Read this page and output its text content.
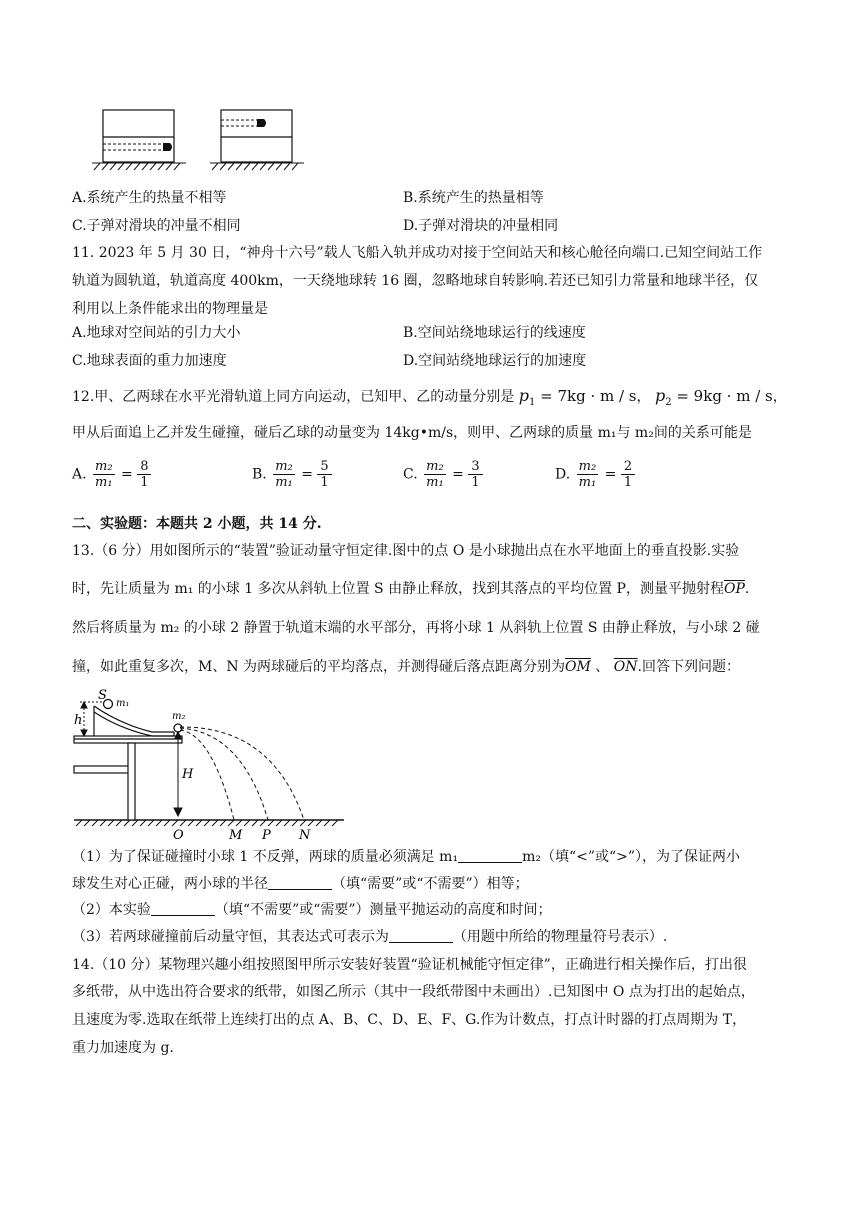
A.系统产生的热量不相等	B.系统产生的热量相等
C.子弹对滑块的冲量不相同	D.子弹对滑块的冲量相同
11. 2023 年 5 月 30 日，“神舟十六号”载人飞船入轨并成功对接于空间站天和核心舱径向端口.已知空间站工作
轨道为圆轨道，轨道高度 400km，一天绕地球转 16 圈，忽略地球自转影响.若还已知引力常量和地球半径，仅
利用以上条件能求出的物理量是
A.地球对空间站的引力大小	B.空间站绕地球运行的线速度
C.地球表面的重力加速度	D.空间站绕地球运行的加速度
12.甲、乙两球在水平光滑轨道上同方向运动，已知甲、乙的动量分别是 $p_1 = 7kg \cdot m / s$， $p_2 = 9kg \cdot m / s$，
甲从后面追上乙并发生碰撞，碰后乙球的动量变为 14kg•m/s，则甲、乙两球的质量 m₁与 m₂间的关系可能是
A. $\frac{\text{m₂}}{\text{m₁}} = \frac{8}{1}$	B. $\frac{\text{m₂}}{\text{m₁}} = \frac{5}{1}$	C. $\frac{\text{m₂}}{\text{m₁}} = \frac{3}{1}$	D. $\frac{\text{m₂}}{\text{m₁}} = \frac{2}{1}$
二、实验题：本题共 2 小题，共 14 分.
13.（6 分）用如图所示的“装置”验证动量守恒定律.图中的点 O 是小球抛出点在水平地面上的垂直投影.实验
时，先让质量为 m₁ 的小球 1 多次从斜轨上位置 S 由静止释放，找到其落点的平均位置 P，测量平抛射程$\overline{OP}$.
然后将质量为 m₂ 的小球 2 静置于轨道末端的水平部分，再将小球 1 从斜轨上位置 S 由静止释放，与小球 2 碰
撞，如此重复多次，M、N 为两球碰后的平均落点，并测得碰后落点距离分别为$\overline{OM}$ 、 $\overline{ON}$.回答下列问题：
S
m₁
m₂
h
H
O	M P N
（1）为了保证碰撞时小球 1 不反弹，两球的质量必须满足 m₁	m₂（填“<”或“>”），为了保证两小
球发生对心正碰，两小球的半径	（填“需要”或“不需要”）相等；
（2）本实验	（填“不需要”或“需要”）测量平抛运动的高度和时间；
（3）若两球碰撞前后动量守恒，其表达式可表示为	（用题中所给的物理量符号表示）.
14.（10 分）某物理兴趣小组按照图甲所示安装好装置“验证机械能守恒定律”，正确进行相关操作后，打出很
多纸带，从中选出符合要求的纸带，如图乙所示（其中一段纸带图中未画出）.已知图中 O 点为打出的起始点，
且速度为零.选取在纸带上连续打出的点 A、B、C、D、E、F、G.作为计数点，打点计时器的打点周期为 T，
重力加速度为 g.
